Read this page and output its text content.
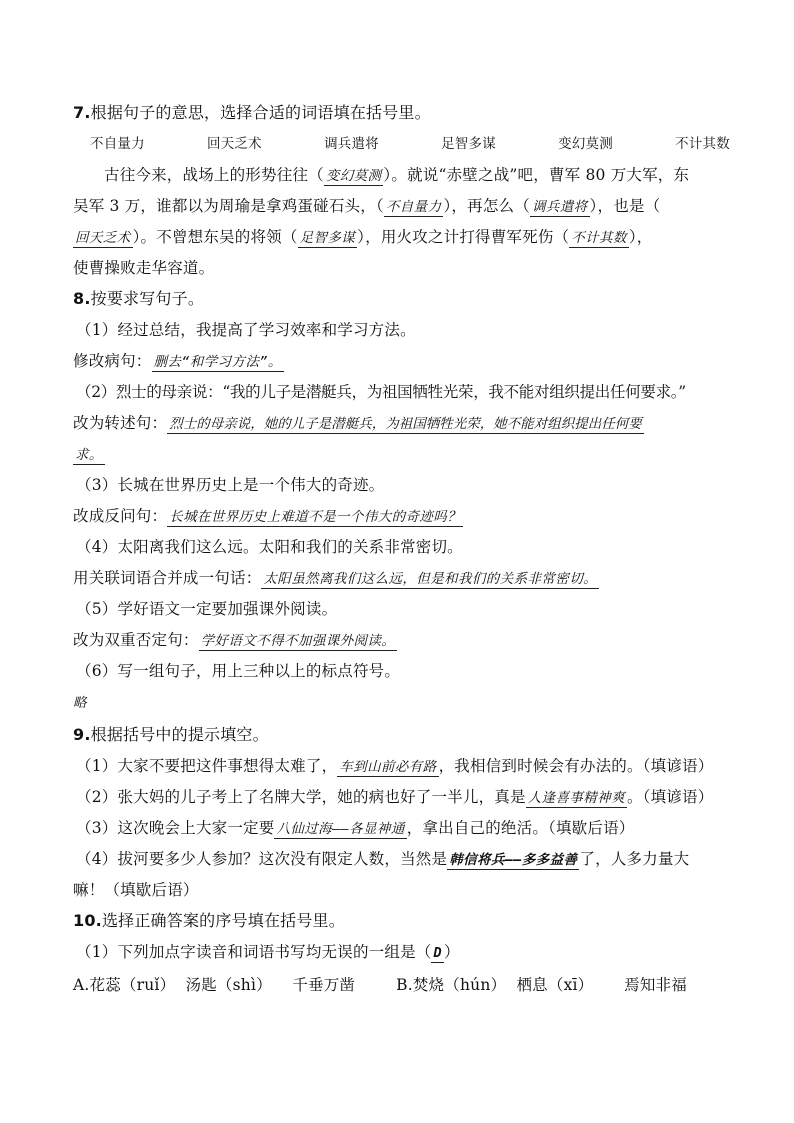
7.根据句子的意思，选择合适的词语填在括号里。
不自量力	回天乏术	调兵遣将	足智多谋	变幻莫测	不计其数
古往今来，战场上的形势往往（ 变幻莫测 ）。就说“赤壁之战”吧，曹军 80 万大军，东
吴军 3 万，谁都以为周瑜是拿鸡蛋碰石头，（ 不自量力 ），再怎么（ 调兵遣将 ），也是（
回天乏术 ）。不曾想东吴的将领（ 足智多谋 ），用火攻之计打得曹军死伤（ 不计其数 ），
使曹操败走华容道。
8.按要求写句子。
（1）经过总结，我提高了学习效率和学习方法。
修改病句： 删去“和学习方法”。
（2）烈士的母亲说：“我的儿子是潜艇兵，为祖国牺牲光荣，我不能对组织提出任何要求。”
改为转述句： 烈士的母亲说，她的儿子是潜艇兵，为祖国牺牲光荣，她不能对组织提出任何要
求。
（3）长城在世界历史上是一个伟大的奇迹。
改成反问句： 长城在世界历史上难道不是一个伟大的奇迹吗？
（4）太阳离我们这么远。太阳和我们的关系非常密切。
用关联词语合并成一句话： 太阳虽然离我们这么远，但是和我们的关系非常密切。
（5）学好语文一定要加强课外阅读。
改为双重否定句： 学好语文不得不加强课外阅读。
（6）写一组句子，用上三种以上的标点符号。
略
9.根据括号中的提示填空。
（1）大家不要把这件事想得太难了， 车到山前必有路 ，我相信到时候会有办法的。（填谚语）
（2）张大妈的儿子考上了名牌大学，她的病也好了一半儿，真是 人逢喜事精神爽 。（填谚语）
（3）这次晚会上大家一定要 八仙过海——各显神通 ，拿出自己的绝活。（填歇后语）
（4）拔河要多少人参加？这次没有限定人数，当然是 韩信将兵——多多益善 了，人多力量大
嘛！（填歇后语）
10.选择正确答案的序号填在括号里。
（1）下列加点字读音和词语书写均无误的一组是（ D ）
A.花蕊（ruǐ）  汤匙（shì）    千垂万凿        B.焚烧（hún）  栖息（xī）      焉知非福
